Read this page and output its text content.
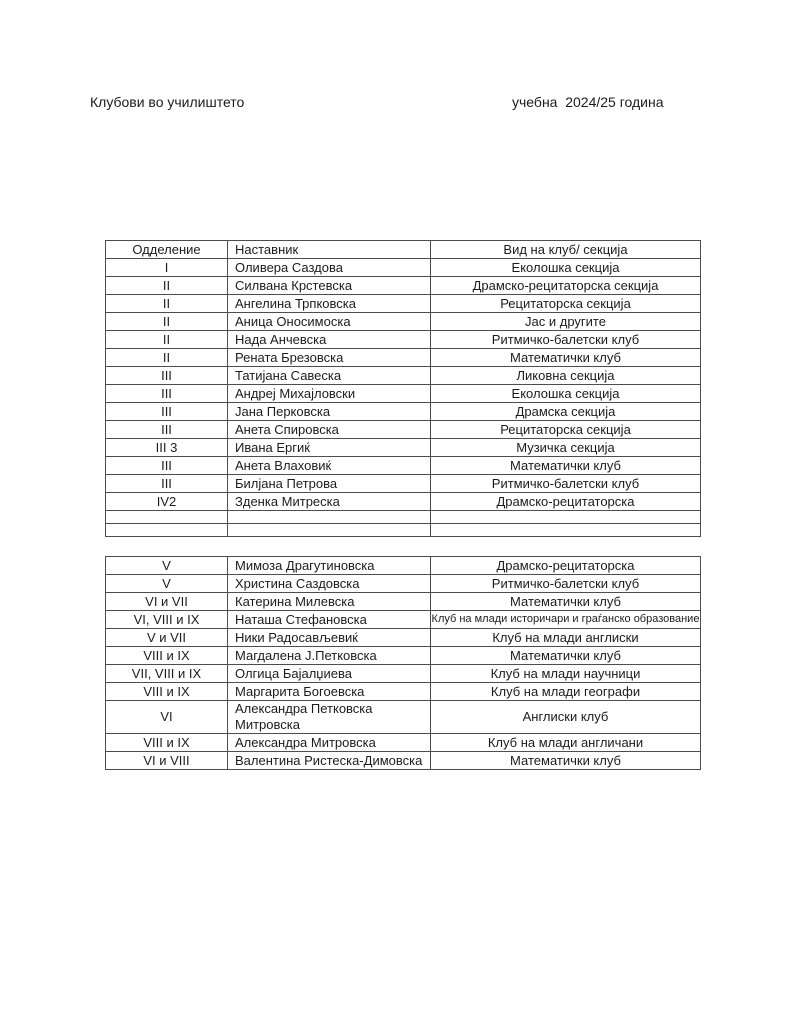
Клубови во училиштето	учебна  2024/25 година
Одделение	Наставник	Вид на клуб/ секција
I	Оливера Саздова	Еколошка секција
II	Силвана Крстевска	Драмско-рецитаторска секција
II	Ангелина Трпковска	Рецитаторска секција
II	Аница Оносимоска	Јас и другите
II	Нада Анчевска	Ритмичко-балетски клуб
II	Рената Брезовска	Математички клуб
III	Татијана Савеска	Ликовна секција
III	Андреј Михајловски	Еколошка секција
III	Јана Перковска	Драмска секција
III	Анета Спировска	Рецитаторска секција
III 3	Ивана Ергиќ	Музичка секција
III	Анета Влаховиќ	Математички клуб
III	Билјана Петрова	Ритмичко-балетски клуб
IV2	Зденка Митреска	Драмско-рецитаторска

V	Мимоза Драгутиновска	Драмско-рецитаторска
V	Христина Саздовска	Ритмичко-балетски клуб
VI и VII	Катерина Милевска	Математички клуб
VI, VIII и IX	Наташа Стефановска	Клуб на млади историчари и граѓанско образование
V и VII	Ники Радосављевиќ	Клуб на млади англиски
VIII и IX	Магдалена Ј.Петковска	Математички клуб
VII, VIII и IX	Олгица Бајалџиева	Клуб на млади научници
VIII и IX	Маргарита Богоевска	Клуб на млади географи
VI	Александра Петковска Митровска	Англиски клуб
VIII и IX	Александра Митровска	Клуб на млади англичани
VI и VIII	Валентина Ристеска-Димовска	Математички клуб
